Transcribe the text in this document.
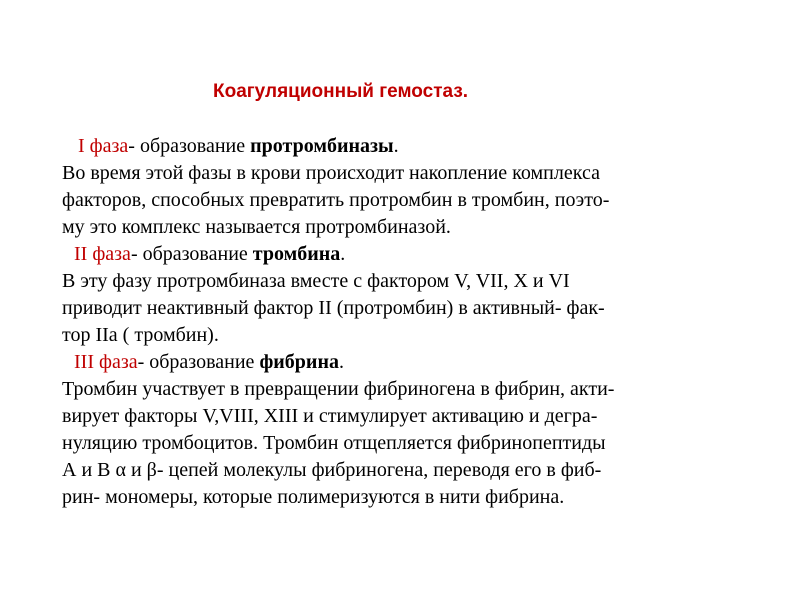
Коагуляционный гемостаз.
I фаза- образование протромбиназы.
Во время этой фазы в крови происходит накопление комплекса
факторов, способных превратить протромбин в тромбин, поэто-
му это комплекс называется протромбиназой.
II фаза- образование тромбина.
В эту фазу протромбиназа вместе с фактором V, VII, X и VI
приводит неактивный фактор II (протромбин) в активный- фак-
тор IIа ( тромбин).
III фаза- образование фибрина.
Тромбин участвует в превращении фибриногена в фибрин, акти-
вирует факторы V,VIII, XIII и стимулирует активацию и дегра-
нуляцию тромбоцитов. Тромбин отщепляется фибринопептиды
А и В α и β- цепей молекулы фибриногена, переводя его в фиб-
рин- мономеры, которые полимеризуются в нити фибрина.
